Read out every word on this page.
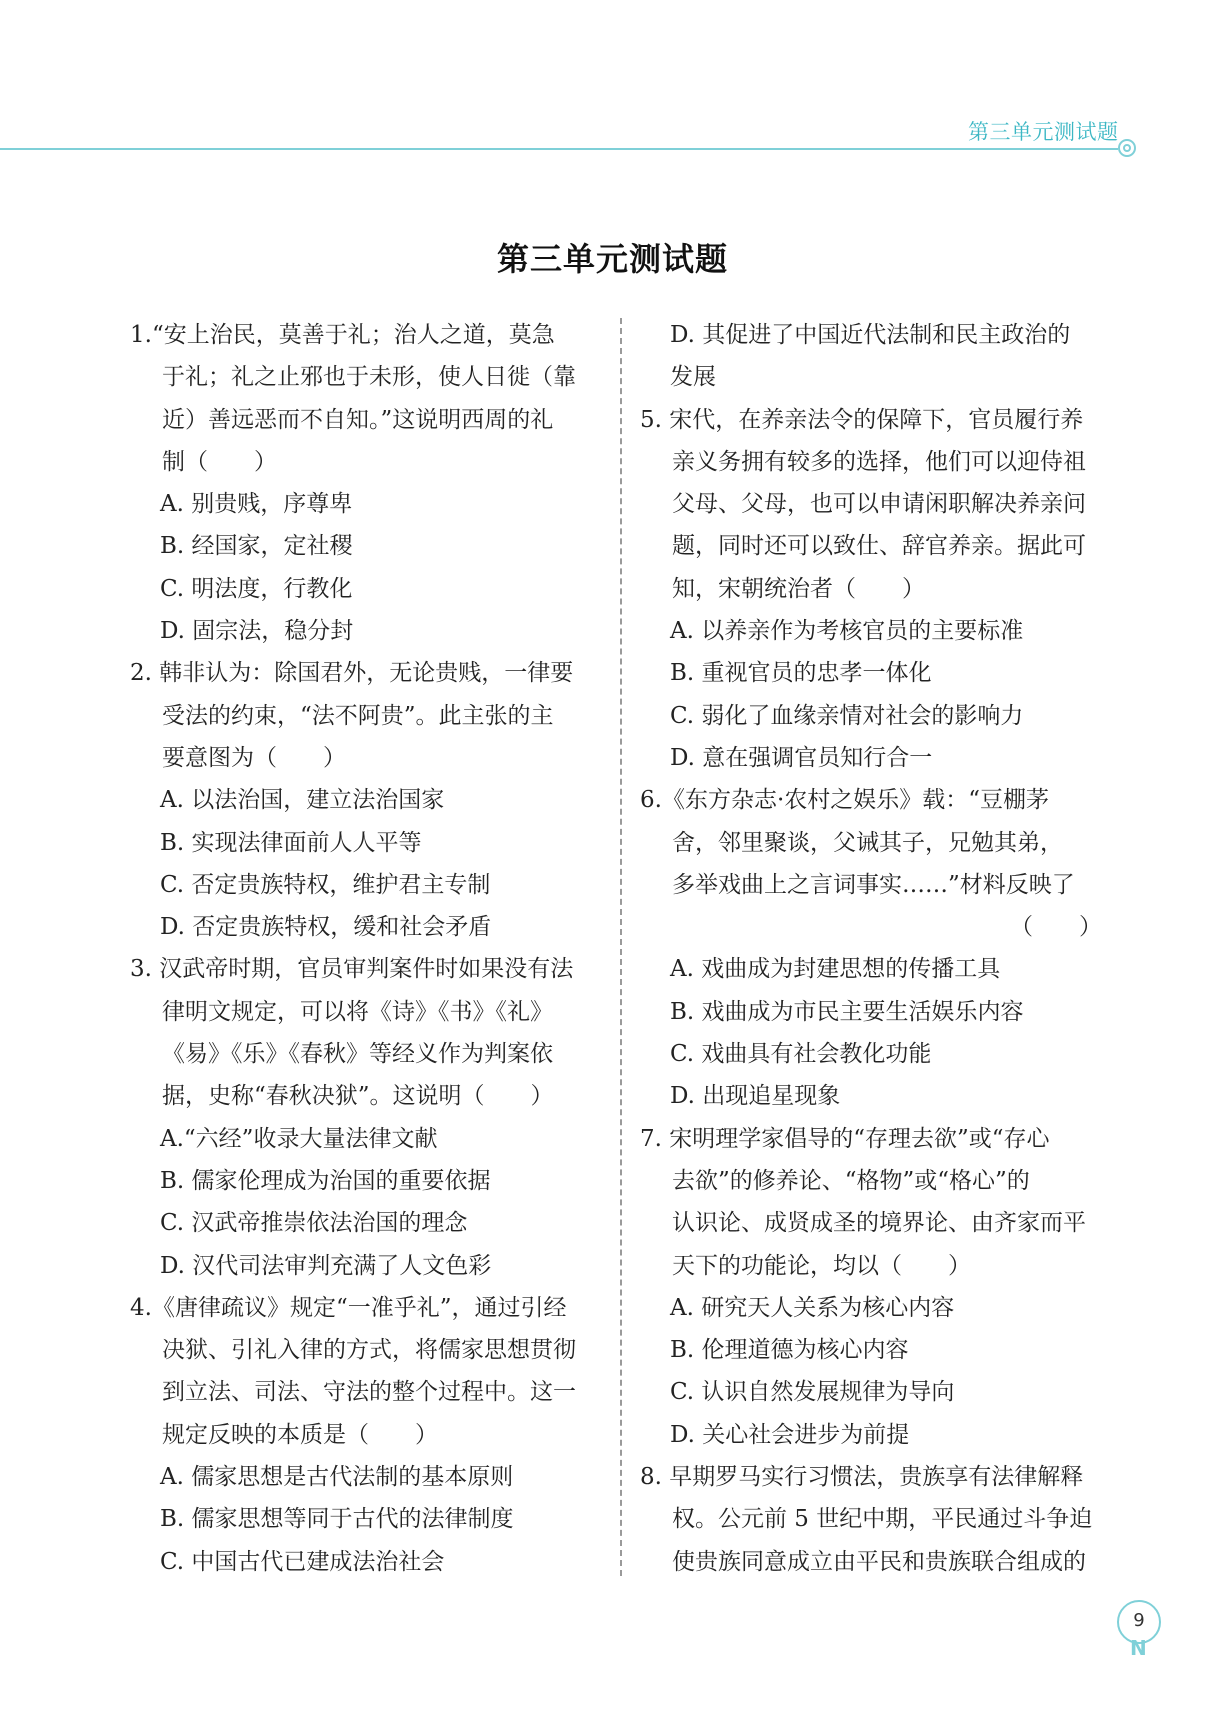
第三单元测试题
第三单元测试题
1.“安上治民，莫善于礼；治人之道，莫急
于礼；礼之止邪也于未形，使人日徙（靠
近）善远恶而不自知。”这说明西周的礼
制（　　）
A. 别贵贱，序尊卑
B. 经国家，定社稷
C. 明法度，行教化
D. 固宗法，稳分封
2. 韩非认为：除国君外，无论贵贱，一律要
受法的约束，“法不阿贵”。此主张的主
要意图为（　　）
A. 以法治国，建立法治国家
B. 实现法律面前人人平等
C. 否定贵族特权，维护君主专制
D. 否定贵族特权，缓和社会矛盾
3. 汉武帝时期，官员审判案件时如果没有法
律明文规定，可以将《诗》《书》《礼》
《易》《乐》《春秋》等经义作为判案依
据，史称“春秋决狱”。这说明（　　）
A.“六经”收录大量法律文献
B. 儒家伦理成为治国的重要依据
C. 汉武帝推崇依法治国的理念
D. 汉代司法审判充满了人文色彩
4.《唐律疏议》规定“一准乎礼”，通过引经
决狱、引礼入律的方式，将儒家思想贯彻
到立法、司法、守法的整个过程中。这一
规定反映的本质是（　　）
A. 儒家思想是古代法制的基本原则
B. 儒家思想等同于古代的法律制度
C. 中国古代已建成法治社会
D. 其促进了中国近代法制和民主政治的
发展
5. 宋代，在养亲法令的保障下，官员履行养
亲义务拥有较多的选择，他们可以迎侍祖
父母、父母，也可以申请闲职解决养亲问
题，同时还可以致仕、辞官养亲。据此可
知，宋朝统治者（　　）
A. 以养亲作为考核官员的主要标准
B. 重视官员的忠孝一体化
C. 弱化了血缘亲情对社会的影响力
D. 意在强调官员知行合一
6.《东方杂志·农村之娱乐》载：“豆棚茅
舍，邻里聚谈，父诫其子，兄勉其弟，
多举戏曲上之言词事实……”材料反映了
（　　）
A. 戏曲成为封建思想的传播工具
B. 戏曲成为市民主要生活娱乐内容
C. 戏曲具有社会教化功能
D. 出现追星现象
7. 宋明理学家倡导的“存理去欲”或“存心
去欲”的修养论、“格物”或“格心”的
认识论、成贤成圣的境界论、由齐家而平
天下的功能论，均以（　　）
A. 研究天人关系为核心内容
B. 伦理道德为核心内容
C. 认识自然发展规律为导向
D. 关心社会进步为前提
8. 早期罗马实行习惯法，贵族享有法律解释
权。公元前 5 世纪中期，平民通过斗争迫
使贵族同意成立由平民和贵族联合组成的
9
N
